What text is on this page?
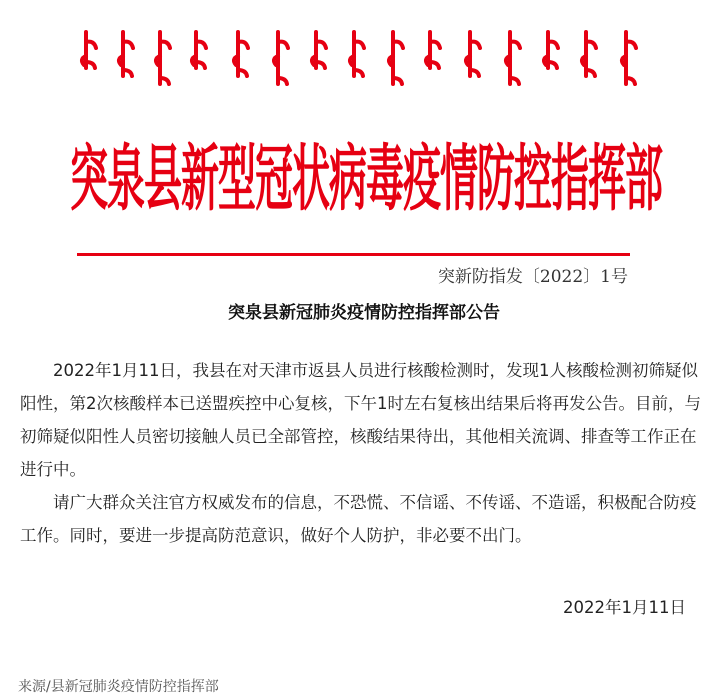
突泉县新型冠状病毒疫情防控指挥部
突新防指发〔2022〕1号
突泉县新冠肺炎疫情防控指挥部公告

2022年1月11日，我县在对天津市返县人员进行核酸检测时，发现1人核酸检测初筛疑似阳性，第2次核酸样本已送盟疾控中心复核，下午1时左右复核出结果后将再发公告。目前，与初筛疑似阳性人员密切接触人员已全部管控，核酸结果待出，其他相关流调、排查等工作正在进行中。

请广大群众关注官方权威发布的信息，不恐慌、不信谣、不传谣、不造谣，积极配合防疫工作。同时，要进一步提高防范意识，做好个人防护，非必要不出门。

2022年1月11日
来源/县新冠肺炎疫情防控指挥部
